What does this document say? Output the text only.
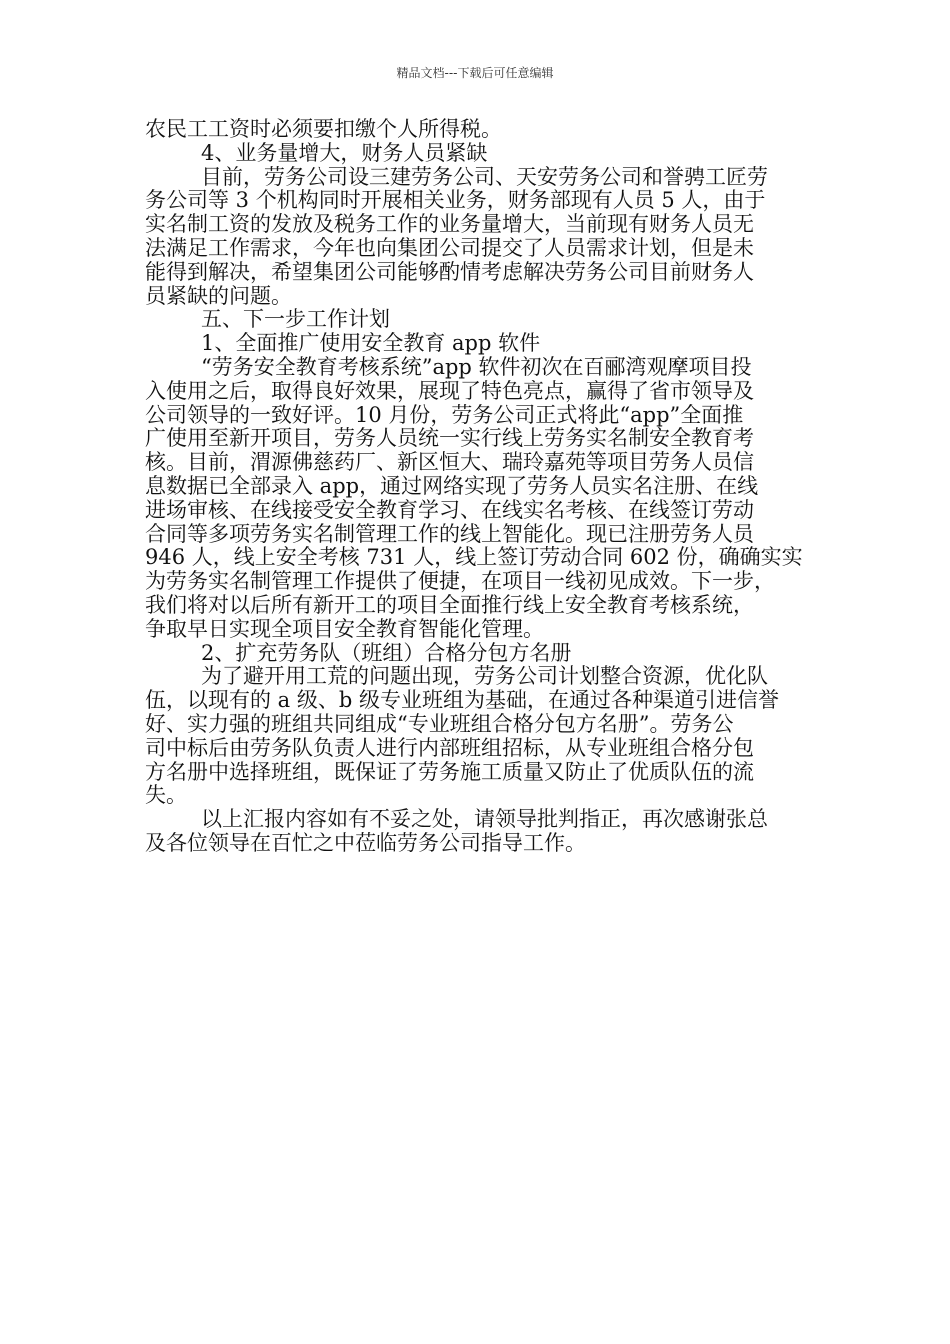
精品文档---下载后可任意编辑

农民工工资时必须要扣缴个人所得税。

4、业务量增大，财务人员紧缺

目前，劳务公司设三建劳务公司、天安劳务公司和誉骋工匠劳

务公司等 3 个机构同时开展相关业务，财务部现有人员 5 人，由于

实名制工资的发放及税务工作的业务量增大，当前现有财务人员无

法满足工作需求，今年也向集团公司提交了人员需求计划，但是未

能得到解决，希望集团公司能够酌情考虑解决劳务公司目前财务人

员紧缺的问题。

五、下一步工作计划

1、全面推广使用安全教育 app 软件

“劳务安全教育考核系统”app 软件初次在百郦湾观摩项目投

入使用之后，取得良好效果，展现了特色亮点，赢得了省市领导及

公司领导的一致好评。10 月份，劳务公司正式将此“app”全面推

广使用至新开项目，劳务人员统一实行线上劳务实名制安全教育考

核。目前，渭源佛慈药厂、新区恒大、瑞玲嘉苑等项目劳务人员信

息数据已全部录入 app，通过网络实现了劳务人员实名注册、在线

进场审核、在线接受安全教育学习、在线实名考核、在线签订劳动

合同等多项劳务实名制管理工作的线上智能化。现已注册劳务人员

946 人，线上安全考核 731 人，线上签订劳动合同 602 份，确确实实

为劳务实名制管理工作提供了便捷，在项目一线初见成效。下一步，

我们将对以后所有新开工的项目全面推行线上安全教育考核系统，

争取早日实现全项目安全教育智能化管理。

2、扩充劳务队（班组）合格分包方名册

为了避开用工荒的问题出现，劳务公司计划整合资源，优化队

伍，以现有的 a 级、b 级专业班组为基础，在通过各种渠道引进信誉

好、实力强的班组共同组成“专业班组合格分包方名册”。劳务公

司中标后由劳务队负责人进行内部班组招标，从专业班组合格分包

方名册中选择班组，既保证了劳务施工质量又防止了优质队伍的流

失。

以上汇报内容如有不妥之处，请领导批判指正，再次感谢张总

及各位领导在百忙之中莅临劳务公司指导工作。
